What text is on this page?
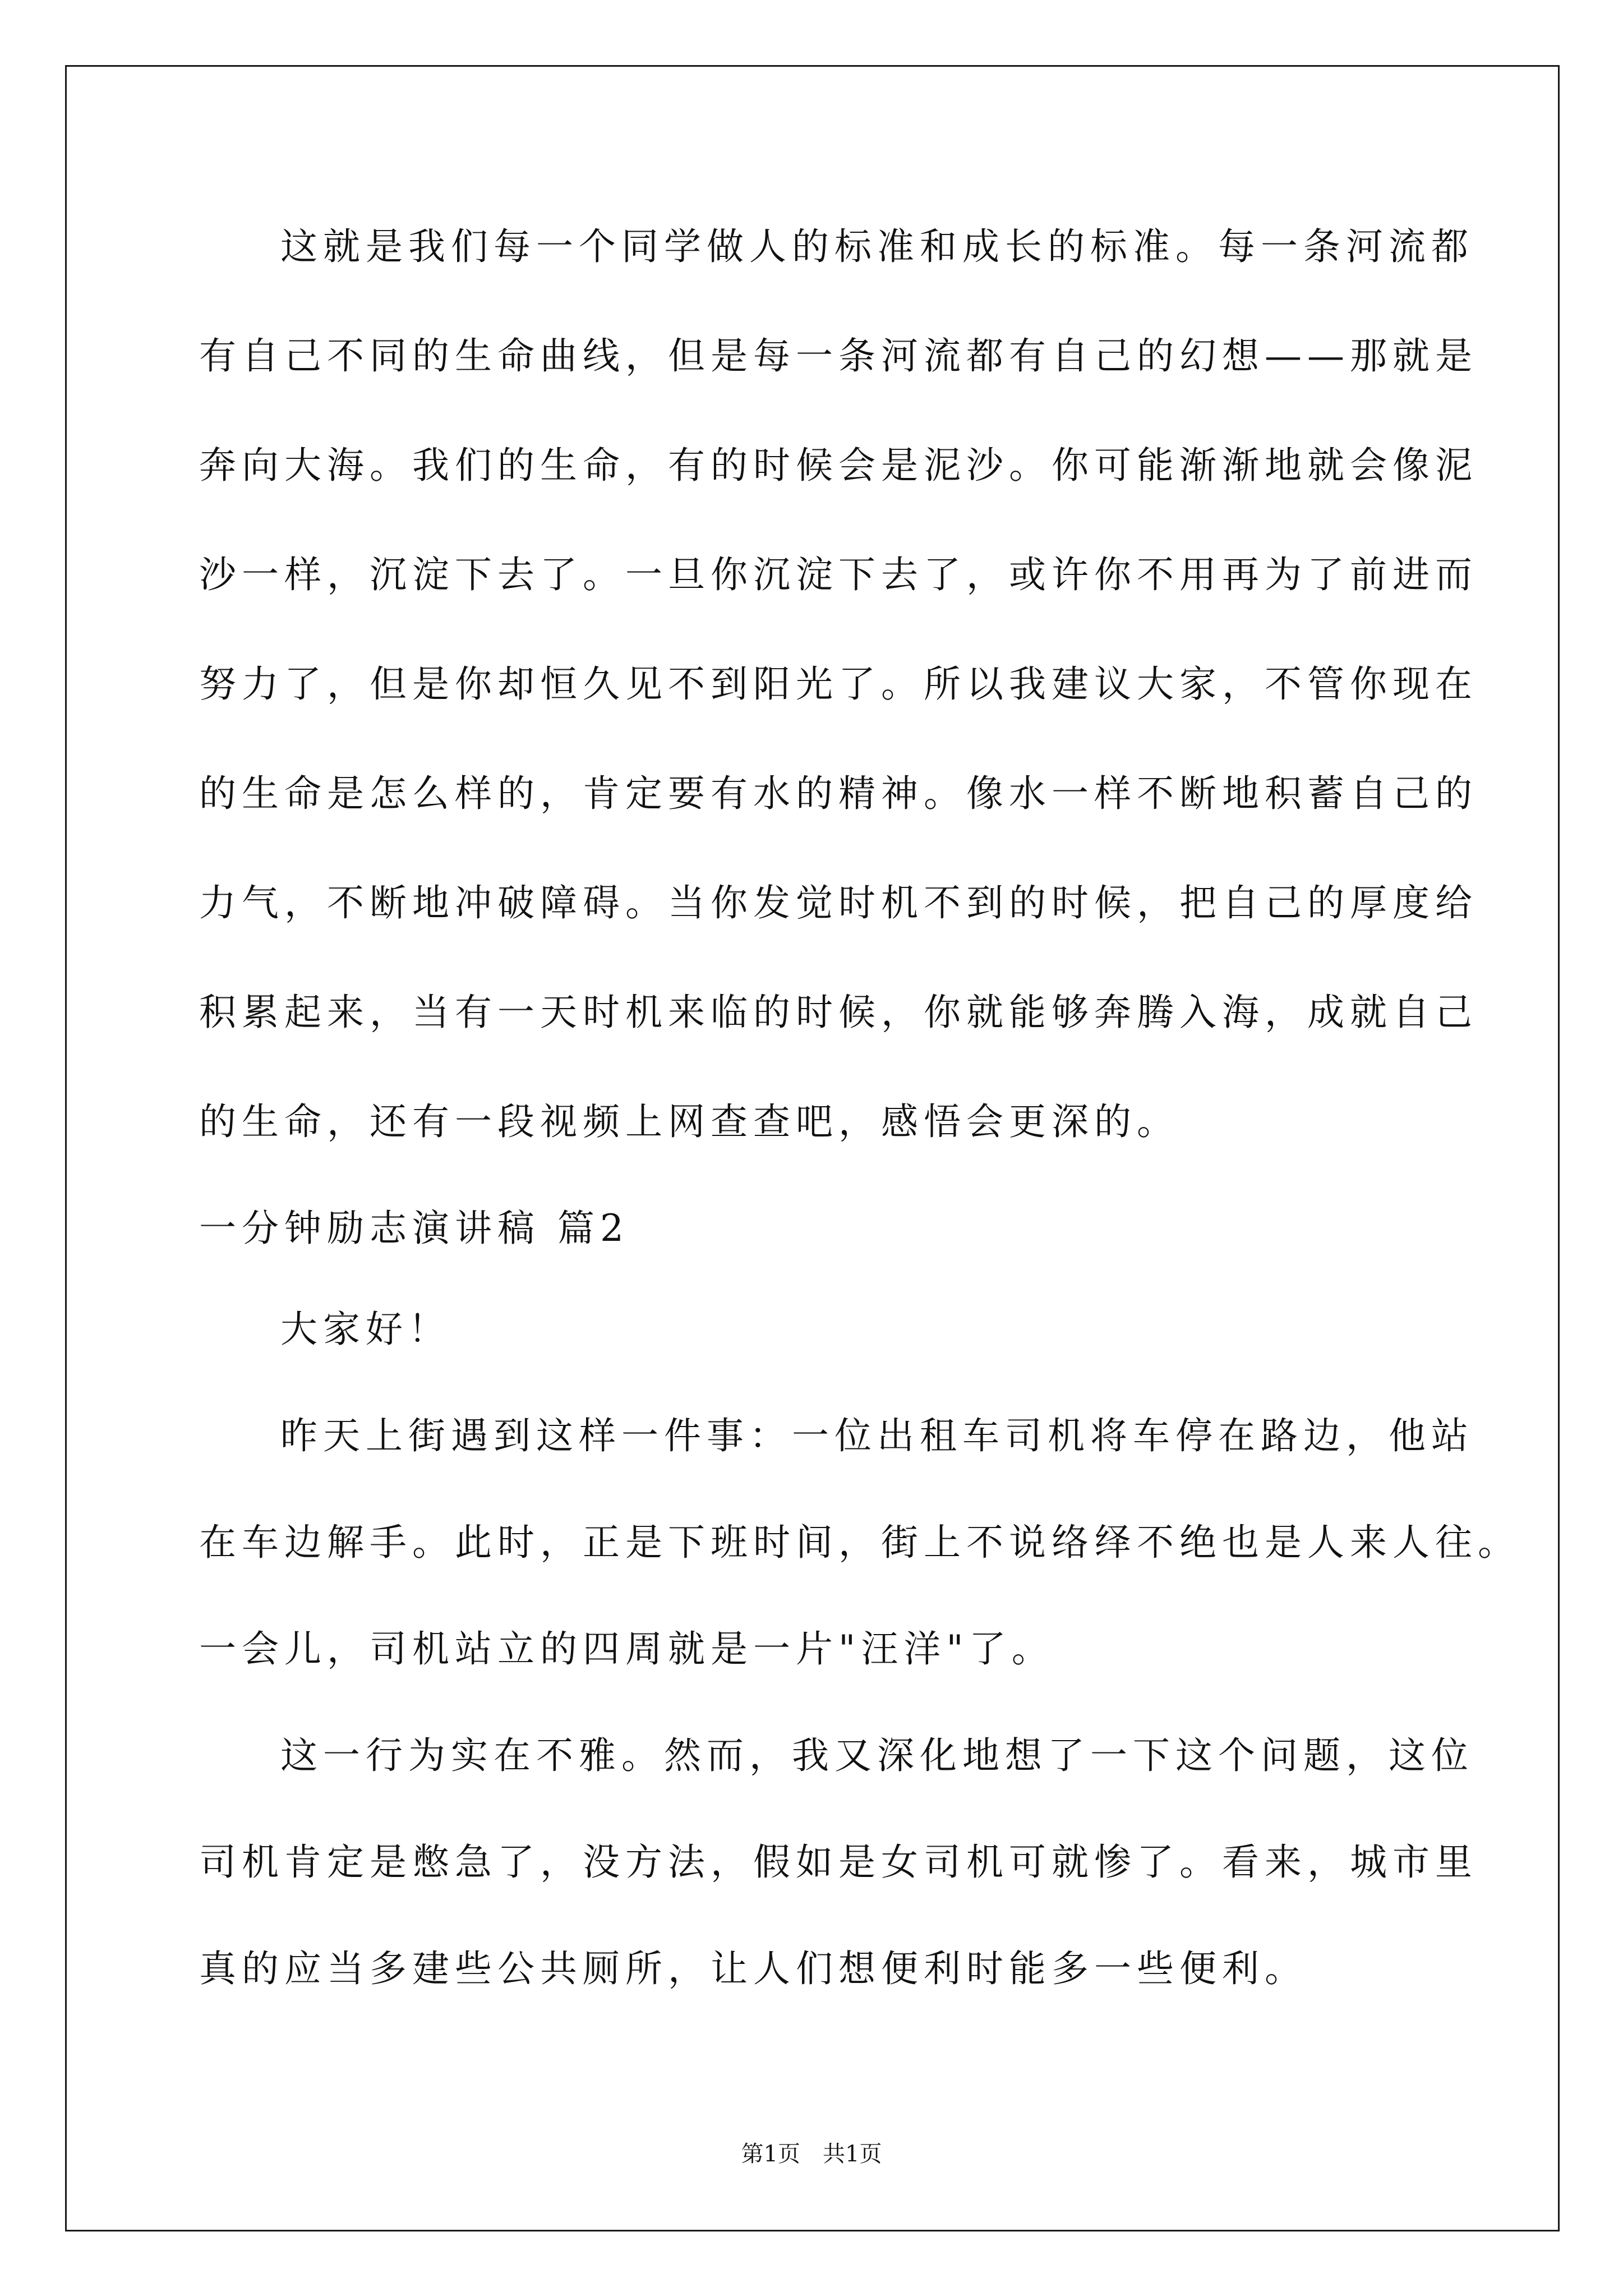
这就是我们每一个同学做人的标准和成长的标准。每一条河流都
有自己不同的生命曲线，但是每一条河流都有自己的幻想——那就是
奔向大海。我们的生命，有的时候会是泥沙。你可能渐渐地就会像泥
沙一样，沉淀下去了。一旦你沉淀下去了，或许你不用再为了前进而
努力了，但是你却恒久见不到阳光了。所以我建议大家，不管你现在
的生命是怎么样的，肯定要有水的精神。像水一样不断地积蓄自己的
力气，不断地冲破障碍。当你发觉时机不到的时候，把自己的厚度给
积累起来，当有一天时机来临的时候，你就能够奔腾入海，成就自己
的生命，还有一段视频上网查查吧，感悟会更深的。
一分钟励志演讲稿 篇2
大家好！
昨天上街遇到这样一件事：一位出租车司机将车停在路边，他站
在车边解手。此时，正是下班时间，街上不说络绎不绝也是人来人往。
一会儿，司机站立的四周就是一片"汪洋"了。
这一行为实在不雅。然而，我又深化地想了一下这个问题，这位
司机肯定是憋急了，没方法，假如是女司机可就惨了。看来，城市里
真的应当多建些公共厕所，让人们想便利时能多一些便利。
第1页　共1页
